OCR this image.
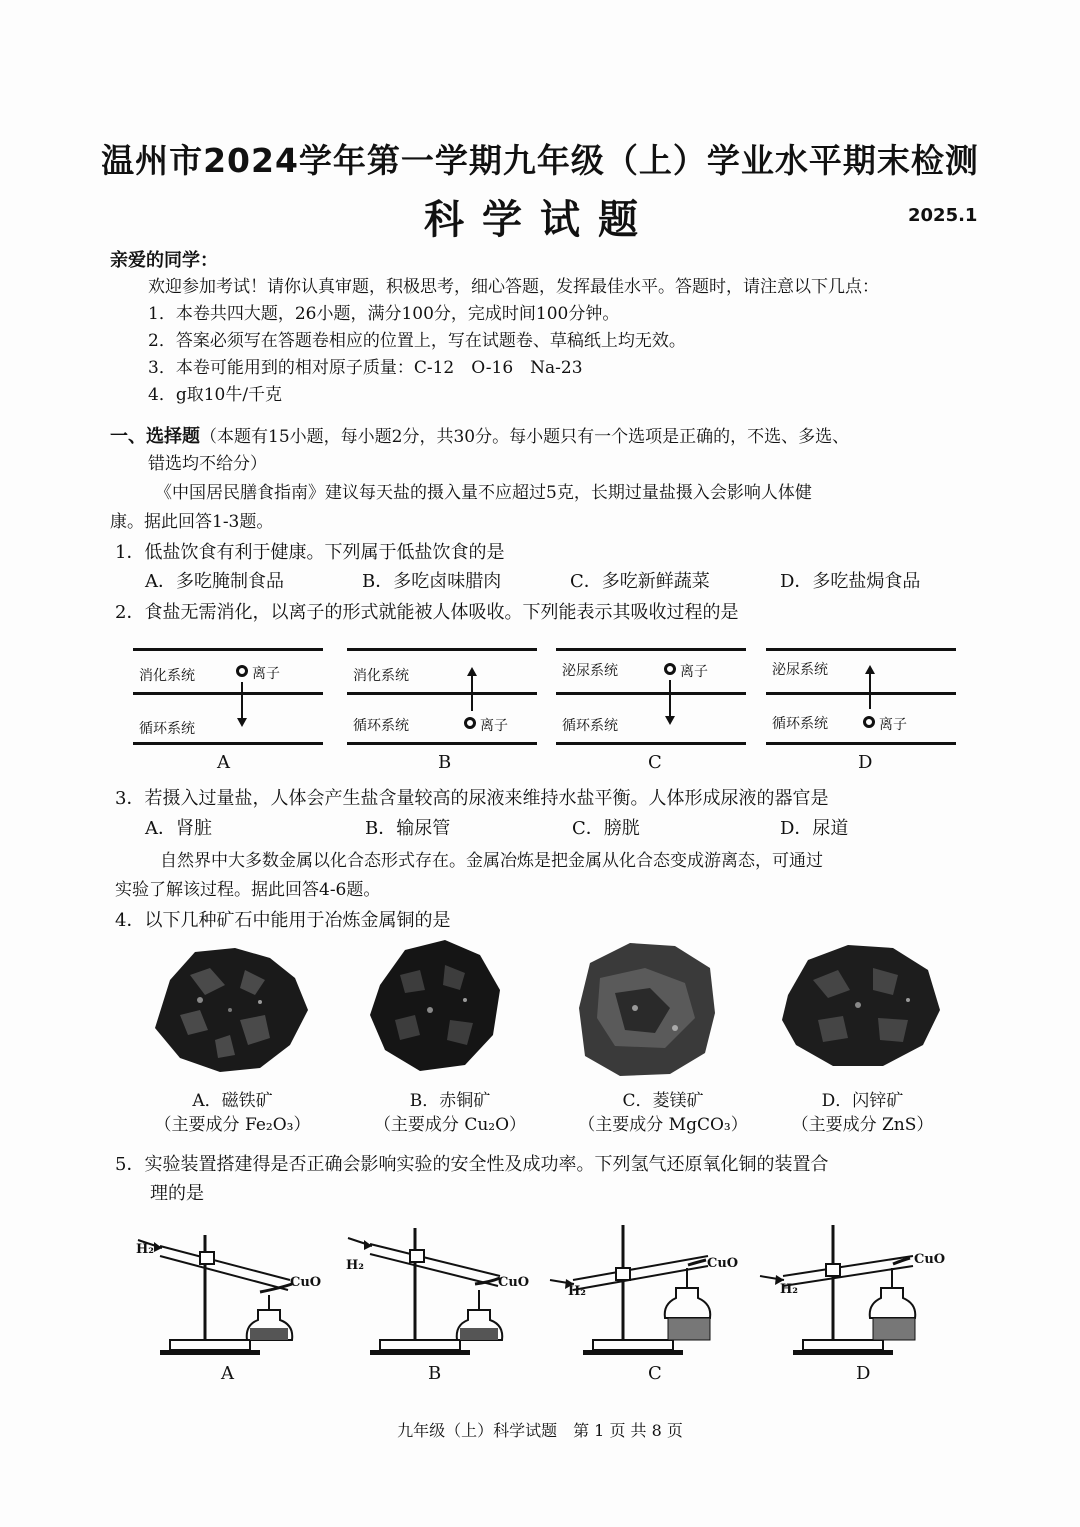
温州市2024学年第一学期九年级（上）学业水平期末检测
科学试题	2025.1
亲爱的同学：
欢迎参加考试！请你认真审题，积极思考，细心答题，发挥最佳水平。答题时，请注意以下几点：
1．本卷共四大题，26小题，满分100分，完成时间100分钟。
2．答案必须写在答题卷相应的位置上，写在试题卷、草稿纸上均无效。
3．本卷可能用到的相对原子质量：C-12　O-16　Na-23
4．g取10牛/千克
一、选择题（本题有15小题，每小题2分，共30分。每小题只有一个选项是正确的，不选、多选、
错选均不给分）
《中国居民膳食指南》建议每天盐的摄入量不应超过5克，长期过量盐摄入会影响人体健
康。据此回答1-3题。
1．低盐饮食有利于健康。下列属于低盐饮食的是
A．多吃腌制食品	B．多吃卤味腊肉	C．多吃新鲜蔬菜	D．多吃盐焗食品
2．食盐无需消化，以离子的形式就能被人体吸收。下列能表示其吸收过程的是
消化系统	离子
循环系统
A
消化系统
循环系统	离子
B
泌尿系统	离子
循环系统
C
泌尿系统
循环系统	离子
D
3．若摄入过量盐，人体会产生盐含量较高的尿液来维持水盐平衡。人体形成尿液的器官是
A．肾脏	B．输尿管	C．膀胱	D．尿道
自然界中大多数金属以化合态形式存在。金属冶炼是把金属从化合态变成游离态，可通过
实验了解该过程。据此回答4-6题。
4．以下几种矿石中能用于冶炼金属铜的是
A．磁铁矿
（主要成分 Fe₂O₃）
B．赤铜矿
（主要成分 Cu₂O）
C．菱镁矿
（主要成分 MgCO₃）
D．闪锌矿
（主要成分 ZnS）
5．实验装置搭建得是否正确会影响实验的安全性及成功率。下列氢气还原氧化铜的装置合
理的是
H₂
CuO
A
H₂
CuO
B
H₂
CuO
C
H₂
CuO
D
九年级（上）科学试题　第 1 页 共 8 页
